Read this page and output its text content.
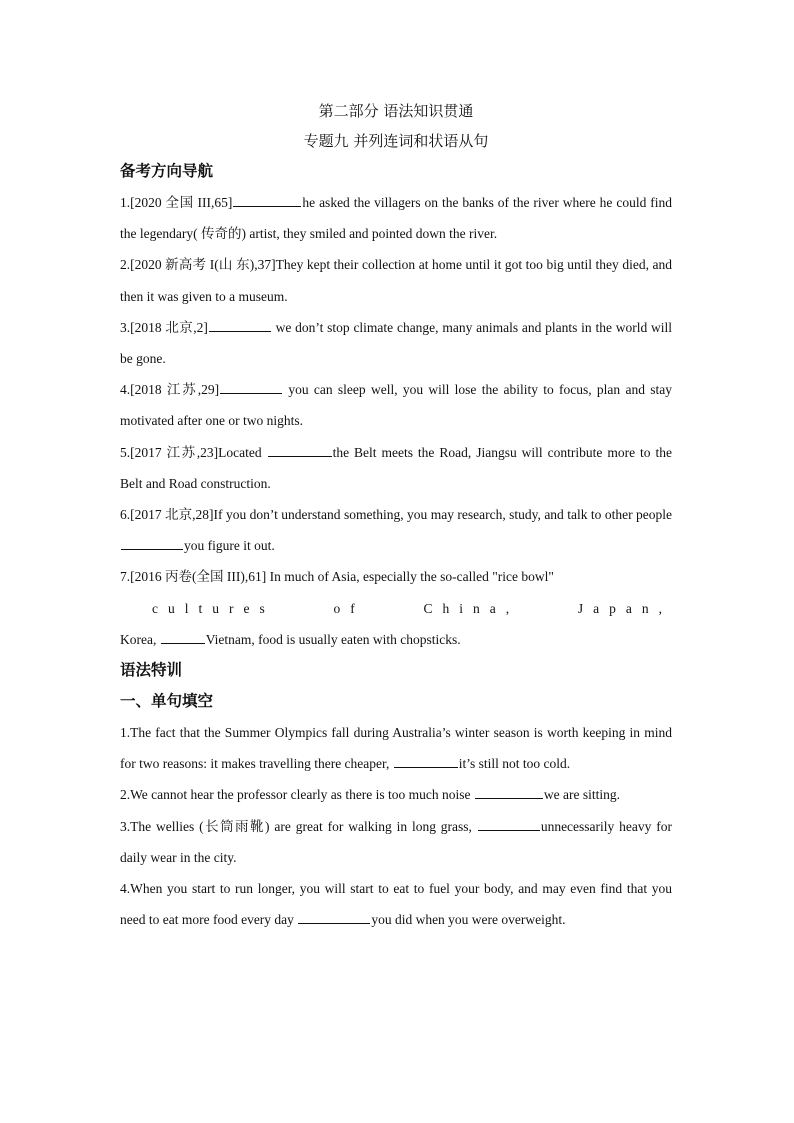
第二部分 语法知识贯通
专题九 并列连词和状语从句
备考方向导航
1.[2020 全国 III,65]	he asked the villagers on the banks of the river where he could find the legendary( 传奇的) artist, they smiled and pointed down the river.
2.[2020 新高考 I(山 东),37]They kept their collection at home until it got too big until they died, and then it was given to a museum.
3.[2018 北京,2]	we don’t stop climate change, many animals and plants in the world will be gone.
4.[2018 江苏,29]	you can sleep well, you will lose the ability to focus, plan and stay motivated after one or two nights.
5.[2017 江苏,23]Located	the Belt meets the Road, Jiangsu will contribute more to the Belt and Road construction.
6.[2017 北京,28]If you don’t understand something, you may research, study, and talk to other people you figure it out.
7.[2016 丙卷(全国 III),61] In much of Asia, especially the so-called "rice bowl"
cultures of China, Japan,
Korea,	Vietnam, food is usually eaten with chopsticks.
语法特训
一、单句填空
1.The fact that the Summer Olympics fall during Australia’s winter season is worth keeping in mind for two reasons: it makes travelling there cheaper,	it’s still not too cold.
2.We cannot hear the professor clearly as there is too much noise	we are sitting.
3.The wellies (长筒雨靴) are great for walking in long grass,	unnecessarily heavy for daily wear in the city.
4.When you start to run longer, you will start to eat to fuel your body, and may even find that you need to eat more food every day	you did when you were overweight.
